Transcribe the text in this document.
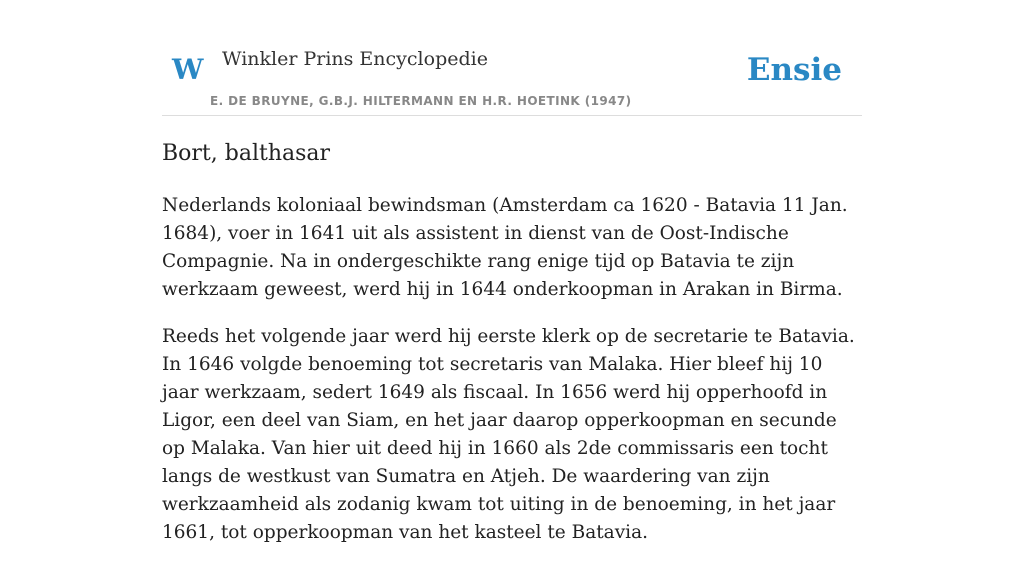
W Winkler Prins Encyclopedie
E. DE BRUYNE, G.B.J. HILTERMANN EN H.R. HOETINK (1947)
Ensie
Bort, balthasar

Nederlands koloniaal bewindsman (Amsterdam ca 1620 - Batavia 11 Jan. 1684), voer in 1641 uit als assistent in dienst van de Oost-Indische Compagnie. Na in ondergeschikte rang enige tijd op Batavia te zijn werkzaam geweest, werd hij in 1644 onderkoopman in Arakan in Birma.

Reeds het volgende jaar werd hij eerste klerk op de secretarie te Batavia. In 1646 volgde benoeming tot secretaris van Malaka. Hier bleef hij 10 jaar werkzaam, sedert 1649 als fiscaal. In 1656 werd hij opperhoofd in Ligor, een deel van Siam, en het jaar daarop opperkoopman en secunde op Malaka. Van hier uit deed hij in 1660 als 2de commissaris een tocht langs de westkust van Sumatra en Atjeh. De waardering van zijn werkzaamheid als zodanig kwam tot uiting in de benoeming, in het jaar 1661, tot opperkoopman van het kasteel te Batavia.
